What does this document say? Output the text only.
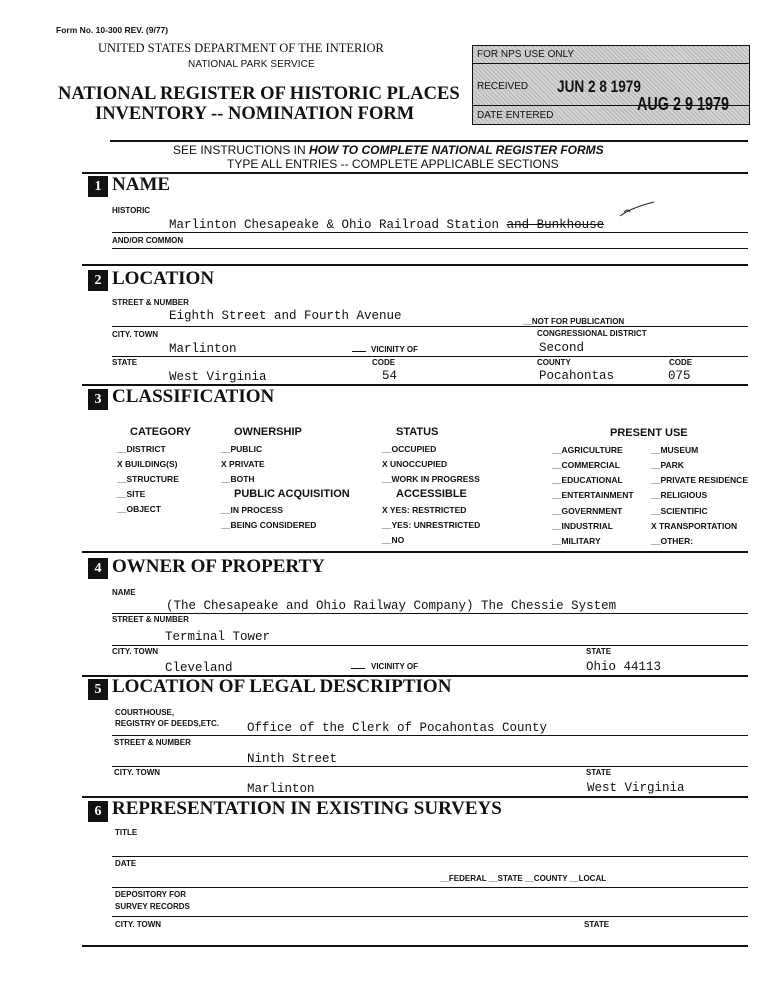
Form No. 10-300 REV. (9/77)
UNITED STATES DEPARTMENT OF THE INTERIOR
NATIONAL PARK SERVICE
NATIONAL REGISTER OF HISTORIC PLACES
INVENTORY -- NOMINATION FORM
FOR NPS USE ONLY
RECEIVED JUN 2 8 1979
AUG 2 9 1979
DATE ENTERED
SEE INSTRUCTIONS IN HOW TO COMPLETE NATIONAL REGISTER FORMS
TYPE ALL ENTRIES -- COMPLETE APPLICABLE SECTIONS
1 NAME
HISTORIC
Marlinton Chesapeake & Ohio Railroad Station and Bunkhouse
AND/OR COMMON
2 LOCATION
STREET & NUMBER
Eighth Street and Fourth Avenue	__NOT FOR PUBLICATION
CITY. TOWN	CONGRESSIONAL DISTRICT
Marlinton	VICINITY OF	Second
STATE	CODE	COUNTY	CODE
West Virginia	54	Pocahontas	075
3 CLASSIFICATION
CATEGORY
__DISTRICT
X BUILDING(S)
__STRUCTURE
__SITE
__OBJECT
OWNERSHIP
__PUBLIC
X PRIVATE
__BOTH
PUBLIC ACQUISITION
__IN PROCESS
__BEING CONSIDERED
STATUS
__OCCUPIED
X UNOCCUPIED
__WORK IN PROGRESS
ACCESSIBLE
X YES: RESTRICTED
__YES: UNRESTRICTED
__NO
PRESENT USE
__AGRICULTURE
__COMMERCIAL
__EDUCATIONAL
__ENTERTAINMENT
__GOVERNMENT
__INDUSTRIAL
__MILITARY
__MUSEUM
__PARK
__PRIVATE RESIDENCE
__RELIGIOUS
__SCIENTIFIC
X TRANSPORTATION
__OTHER:
4 OWNER OF PROPERTY
NAME
(The Chesapeake and Ohio Railway Company) The Chessie System
STREET & NUMBER
Terminal Tower
CITY. TOWN	STATE
Cleveland	VICINITY OF	Ohio 44113
5 LOCATION OF LEGAL DESCRIPTION
COURTHOUSE,
REGISTRY OF DEEDS,ETC. Office of the Clerk of Pocahontas County
STREET & NUMBER
Ninth Street
CITY. TOWN	STATE
Marlinton	West Virginia
6 REPRESENTATION IN EXISTING SURVEYS
TITLE
DATE
__FEDERAL __STATE __COUNTY __LOCAL
DEPOSITORY FOR
SURVEY RECORDS
CITY. TOWN	STATE
